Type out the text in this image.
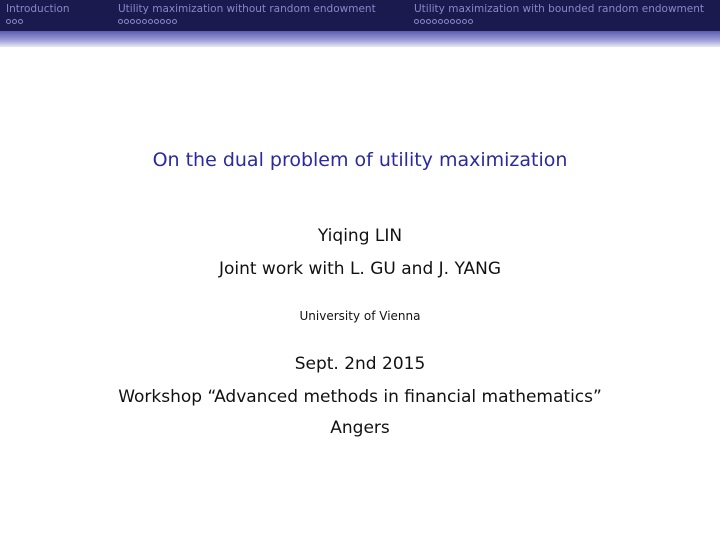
Introduction	Utility maximization without random endowment	Utility maximization with bounded random endowment
On the dual problem of utility maximization
Yiqing LIN
Joint work with L. GU and J. YANG
University of Vienna
Sept. 2nd 2015
Workshop “Advanced methods in financial mathematics”
Angers
